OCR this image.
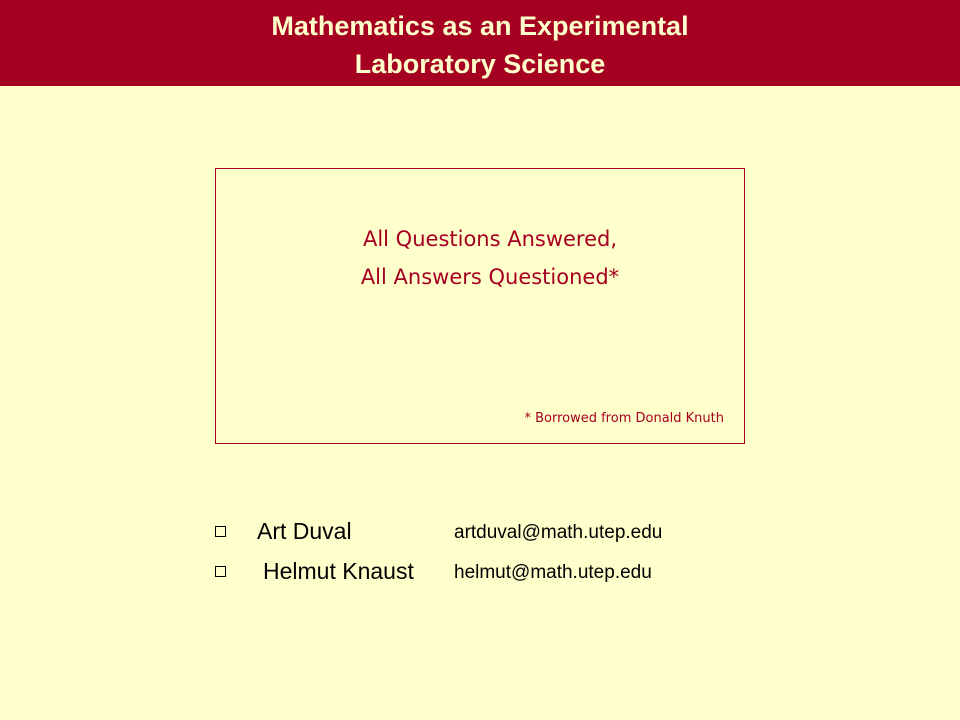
Mathematics as an Experimental
Laboratory Science
All Questions Answered,
All Answers Questioned*
* Borrowed from Donald Knuth
Art Duval	artduval@math.utep.edu
Helmut Knaust helmut@math.utep.edu
